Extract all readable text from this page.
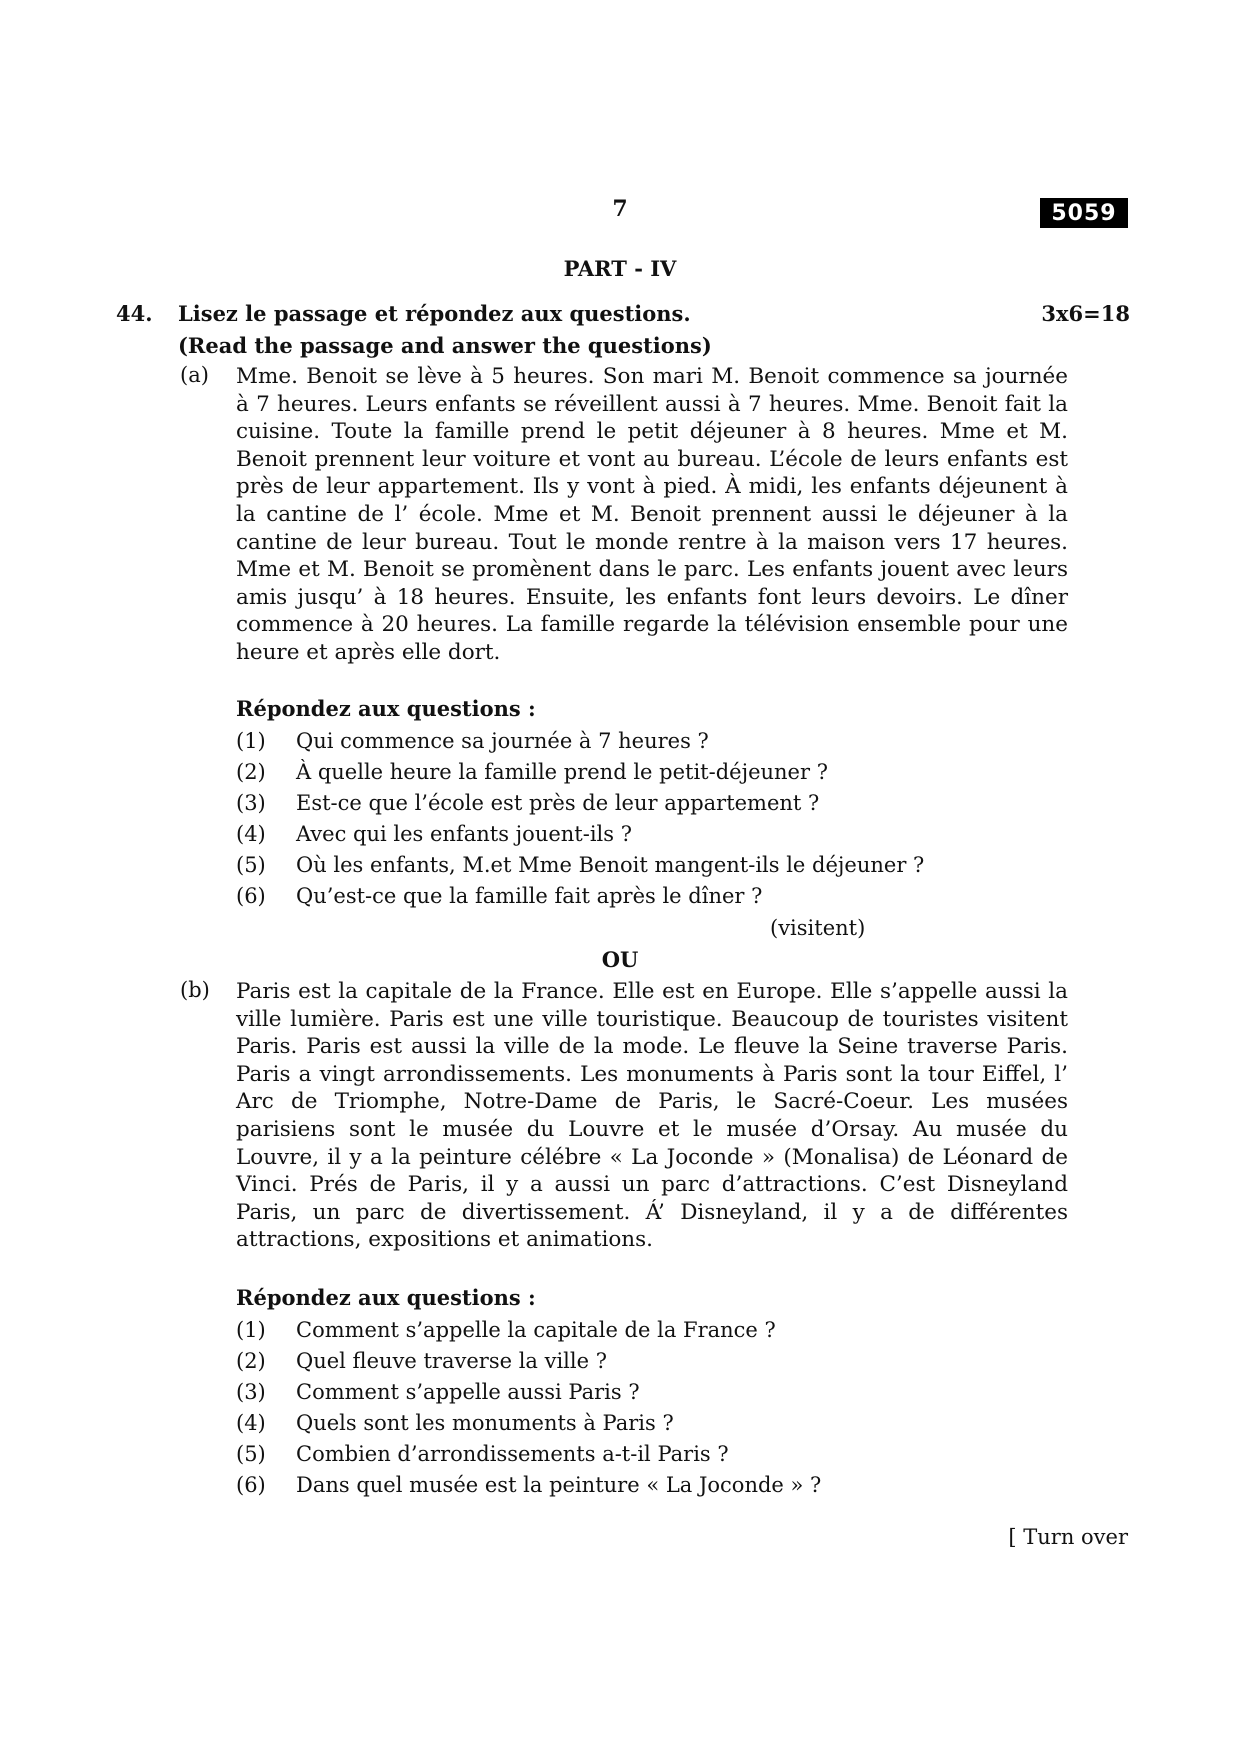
7	5059
PART - IV
44. Lisez le passage et répondez aux questions.	3x6=18
(Read the passage and answer the questions)
(a) Mme. Benoit se lève à 5 heures. Son mari M. Benoit commence sa journée à 7 heures. Leurs enfants se réveillent aussi à 7 heures. Mme. Benoit fait la cuisine. Toute la famille prend le petit déjeuner à 8 heures. Mme et M. Benoit prennent leur voiture et vont au bureau. L’école de leurs enfants est près de leur appartement. Ils y vont à pied. À midi, les enfants déjeunent à la cantine de l’ école. Mme et M. Benoit prennent aussi le déjeuner à la cantine de leur bureau. Tout le monde rentre à la maison vers 17 heures. Mme et M. Benoit se promènent dans le parc. Les enfants jouent avec leurs amis jusqu’ à 18 heures. Ensuite, les enfants font leurs devoirs. Le dîner commence à 20 heures. La famille regarde la télévision ensemble pour une heure et après elle dort.
Répondez aux questions :
(1) Qui commence sa journée à 7 heures ?
(2) À quelle heure la famille prend le petit-déjeuner ?
(3) Est-ce que l’école est près de leur appartement ?
(4) Avec qui les enfants jouent-ils ?
(5) Où les enfants, M.et Mme Benoit mangent-ils le déjeuner ?
(6) Qu’est-ce que la famille fait après le dîner ?
(visitent)
OU
(b) Paris est la capitale de la France. Elle est en Europe. Elle s’appelle aussi la ville lumière. Paris est une ville touristique. Beaucoup de touristes visitent Paris. Paris est aussi la ville de la mode. Le fleuve la Seine traverse Paris. Paris a vingt arrondissements. Les monuments à Paris sont la tour Eiffel, l’ Arc de Triomphe, Notre-Dame de Paris, le Sacré-Coeur. Les musées parisiens sont le musée du Louvre et le musée d’Orsay. Au musée du Louvre, il y a la peinture célébre « La Joconde » (Monalisa) de Léonard de Vinci. Prés de Paris, il y a aussi un parc d’attractions. C’est Disneyland Paris, un parc de divertissement. Á’ Disneyland, il y a de différentes attractions, expositions et animations.
Répondez aux questions :
(1) Comment s’appelle la capitale de la France ?
(2) Quel fleuve traverse la ville ?
(3) Comment s’appelle aussi Paris ?
(4) Quels sont les monuments à Paris ?
(5) Combien d’arrondissements a-t-il Paris ?
(6) Dans quel musée est la peinture « La Joconde » ?
[ Turn over
